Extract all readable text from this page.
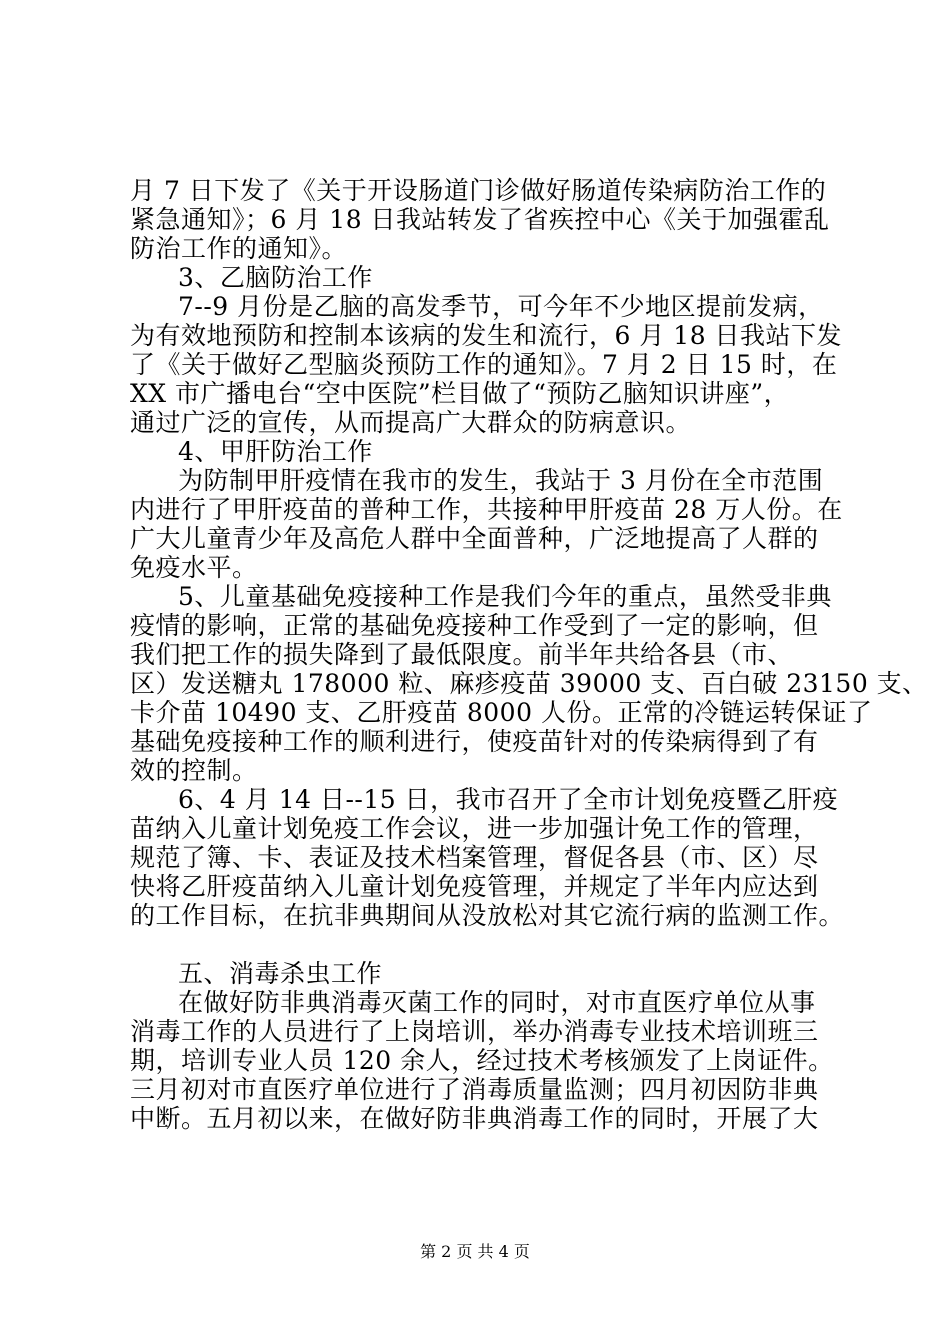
月 7 日下发了《关于开设肠道门诊做好肠道传染病防治工作的
紧急通知》；6 月 18 日我站转发了省疾控中心《关于加强霍乱
防治工作的通知》。
3、乙脑防治工作
7--9 月份是乙脑的高发季节，可今年不少地区提前发病，
为有效地预防和控制本该病的发生和流行，6 月 18 日我站下发
了《关于做好乙型脑炎预防工作的通知》。7 月 2 日 15 时，在
XX 市广播电台“空中医院”栏目做了“预防乙脑知识讲座”，
通过广泛的宣传，从而提高广大群众的防病意识。
4、甲肝防治工作
为防制甲肝疫情在我市的发生，我站于 3 月份在全市范围
内进行了甲肝疫苗的普种工作，共接种甲肝疫苗 28 万人份。在
广大儿童青少年及高危人群中全面普种，广泛地提高了人群的
免疫水平。
5、儿童基础免疫接种工作是我们今年的重点，虽然受非典
疫情的影响，正常的基础免疫接种工作受到了一定的影响，但
我们把工作的损失降到了最低限度。前半年共给各县（市、
区）发送糖丸 178000 粒、麻疹疫苗 39000 支、百白破 23150 支、
卡介苗 10490 支、乙肝疫苗 8000 人份。正常的冷链运转保证了
基础免疫接种工作的顺利进行，使疫苗针对的传染病得到了有
效的控制。
6、4 月 14 日--15 日，我市召开了全市计划免疫暨乙肝疫
苗纳入儿童计划免疫工作会议，进一步加强计免工作的管理，
规范了簿、卡、表证及技术档案管理，督促各县（市、区）尽
快将乙肝疫苗纳入儿童计划免疫管理，并规定了半年内应达到
的工作目标，在抗非典期间从没放松对其它流行病的监测工作。
五、消毒杀虫工作
在做好防非典消毒灭菌工作的同时，对市直医疗单位从事
消毒工作的人员进行了上岗培训，举办消毒专业技术培训班三
期，培训专业人员 120 余人，经过技术考核颁发了上岗证件。
三月初对市直医疗单位进行了消毒质量监测；四月初因防非典
中断。五月初以来，在做好防非典消毒工作的同时，开展了大
第 2 页 共 4 页
